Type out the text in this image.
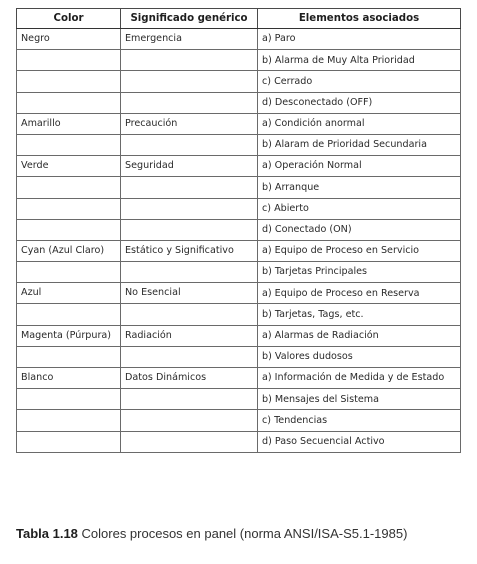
Color	Significado genérico	Elementos asociados
Negro	Emergencia	a) Paro
		b) Alarma de Muy Alta Prioridad
		c) Cerrado
		d) Desconectado (OFF)
Amarillo	Precaución	a) Condición anormal
		b) Alaram de Prioridad Secundaria
Verde	Seguridad	a) Operación Normal
		b) Arranque
		c) Abierto
		d) Conectado (ON)
Cyan (Azul Claro)	Estático y Significativo	a) Equipo de Proceso en Servicio
		b) Tarjetas Principales
Azul	No Esencial	a) Equipo de Proceso en Reserva
		b) Tarjetas, Tags, etc.
Magenta (Púrpura)	Radiación	a) Alarmas de Radiación
		b) Valores dudosos
Blanco	Datos Dinámicos	a) Información de Medida y de Estado
		b) Mensajes del Sistema
		c) Tendencias
		d) Paso Secuencial Activo
Tabla 1.18 Colores procesos en panel (norma ANSI/ISA-S5.1-1985)
